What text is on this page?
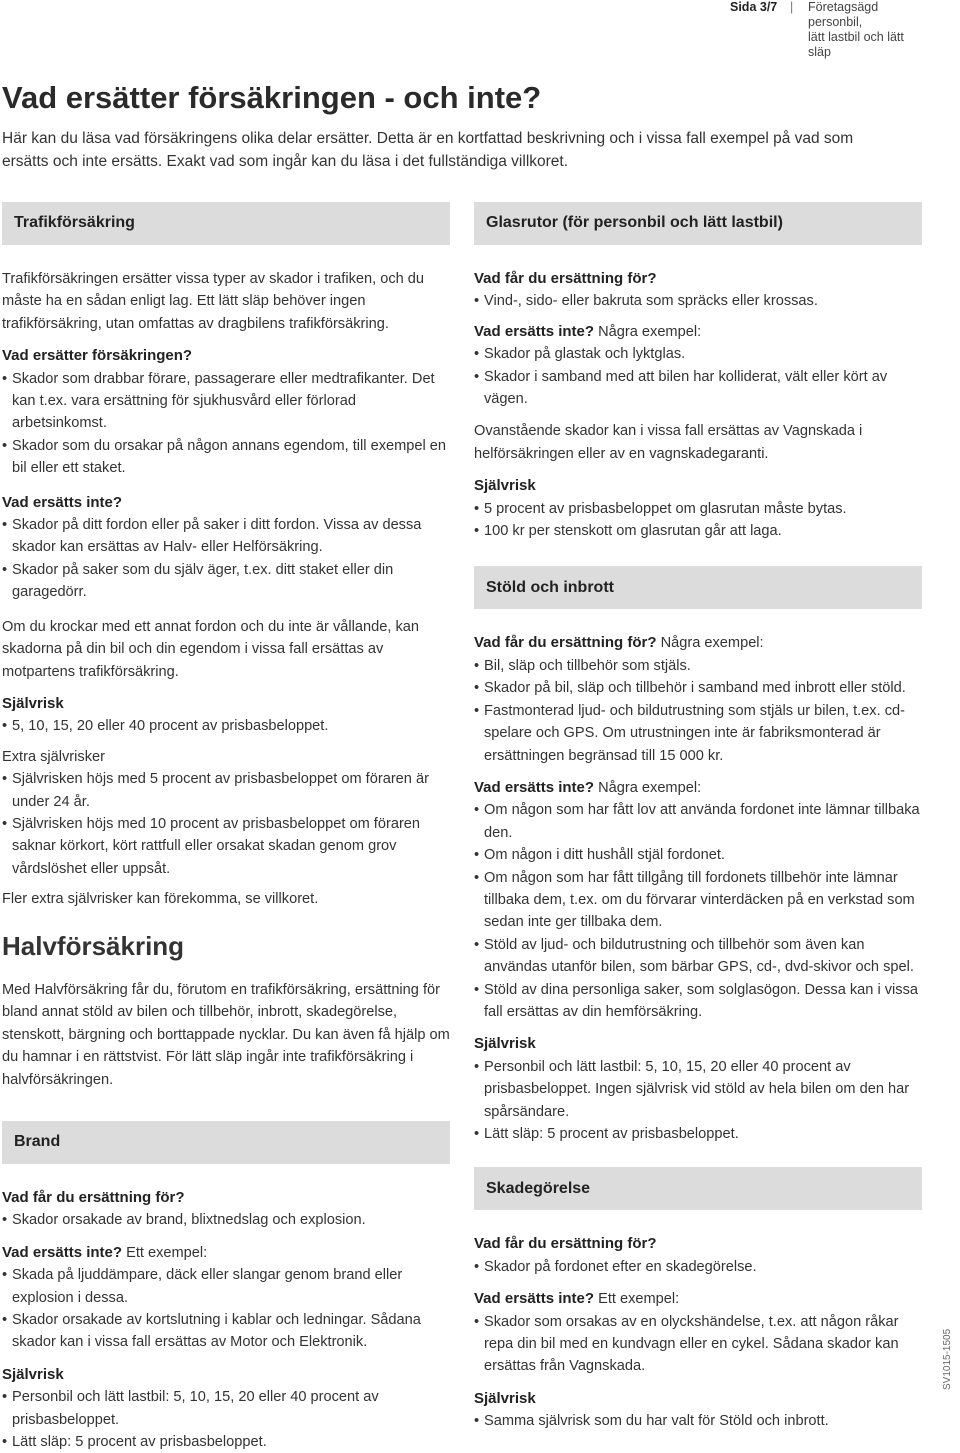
Sida 3/7 | Företagsägd personbil,
lätt lastbil och lätt släp
Vad ersätter försäkringen - och inte?

Här kan du läsa vad försäkringens olika delar ersätter. Detta är en kortfattad beskrivning och i vissa fall exempel på vad som ersätts och inte ersätts. Exakt vad som ingår kan du läsa i det fullständiga villkoret.

Trafikförsäkring

Trafikförsäkringen ersätter vissa typer av skador i trafiken, och du måste ha en sådan enligt lag. Ett lätt släp behöver ingen trafikförsäkring, utan omfattas av dragbilens trafikförsäkring.

Vad ersätter försäkringen?

• Skador som drabbar förare, passagerare eller medtrafikanter. Det kan t.ex. vara ersättning för sjukhusvård eller förlorad arbetsinkomst.
• Skador som du orsakar på någon annans egendom, till exempel en bil eller ett staket.

Vad ersätts inte?

• Skador på ditt fordon eller på saker i ditt fordon. Vissa av dessa skador kan ersättas av Halv- eller Helförsäkring.
• Skador på saker som du själv äger, t.ex. ditt staket eller din garagedörr.

Om du krockar med ett annat fordon och du inte är vållande, kan skadorna på din bil och din egendom i vissa fall ersättas av motpartens trafikförsäkring.

Självrisk

• 5, 10, 15, 20 eller 40 procent av prisbasbeloppet.

Extra självrisker

• Självrisken höjs med 5 procent av prisbasbeloppet om föraren är under 24 år.
• Självrisken höjs med 10 procent av prisbasbeloppet om föraren saknar körkort, kört rattfull eller orsakat skadan genom grov vårdslöshet eller uppsåt.

Fler extra självrisker kan förekomma, se villkoret.

Halvförsäkring

Med Halvförsäkring får du, förutom en trafikförsäkring, ersättning för bland annat stöld av bilen och tillbehör, inbrott, skadegörelse, stenskott, bärgning och borttappade nycklar. Du kan även få hjälp om du hamnar i en rättstvist. För lätt släp ingår inte trafikförsäkring i halvförsäkringen.

Brand

Vad får du ersättning för?

• Skador orsakade av brand, blixtnedslag och explosion.

Vad ersätts inte? Ett exempel:

• Skada på ljuddämpare, däck eller slangar genom brand eller explosion i dessa.
• Skador orsakade av kortslutning i kablar och ledningar. Sådana skador kan i vissa fall ersättas av Motor och Elektronik.

Självrisk

• Personbil och lätt lastbil: 5, 10, 15, 20 eller 40 procent av prisbasbeloppet.
• Lätt släp: 5 procent av prisbasbeloppet.
Glasrutor (för personbil och lätt lastbil)

Vad får du ersättning för?

• Vind-, sido- eller bakruta som spräcks eller krossas.

Vad ersätts inte? Några exempel:

• Skador på glastak och lyktglas.
• Skador i samband med att bilen har kolliderat, vält eller kört av vägen.

Ovanstående skador kan i vissa fall ersättas av Vagnskada i helförsäkringen eller av en vagnskadegaranti.

Självrisk

• 5 procent av prisbasbeloppet om glasrutan måste bytas.
• 100 kr per stenskott om glasrutan går att laga.
Stöld och inbrott

Vad får du ersättning för? Några exempel:

• Bil, släp och tillbehör som stjäls.
• Skador på bil, släp och tillbehör i samband med inbrott eller stöld.
• Fastmonterad ljud- och bildutrustning som stjäls ur bilen, t.ex. cd-spelare och GPS. Om utrustningen inte är fabriksmonterad är ersättningen begränsad till 15 000 kr.

Vad ersätts inte? Några exempel:

• Om någon som har fått lov att använda fordonet inte lämnar tillbaka den.
• Om någon i ditt hushåll stjäl fordonet.
• Om någon som har fått tillgång till fordonets tillbehör inte lämnar tillbaka dem, t.ex. om du förvarar vinterdäcken på en verkstad som sedan inte ger tillbaka dem.
• Stöld av ljud- och bildutrustning och tillbehör som även kan användas utanför bilen, som bärbar GPS, cd-, dvd-skivor och spel.
• Stöld av dina personliga saker, som solglasögon. Dessa kan i vissa fall ersättas av din hemförsäkring.

Självrisk

• Personbil och lätt lastbil: 5, 10, 15, 20 eller 40 procent av prisbasbeloppet. Ingen självrisk vid stöld av hela bilen om den har spårsändare.
• Lätt släp: 5 procent av prisbasbeloppet.
Skadegörelse

Vad får du ersättning för?

• Skador på fordonet efter en skadegörelse.

Vad ersätts inte? Ett exempel:

• Skador som orsakas av en olyckshändelse, t.ex. att någon råkar repa din bil med en kundvagn eller en cykel. Sådana skador kan ersättas från Vagnskada.

Självrisk

• Samma självrisk som du har valt för Stöld och inbrott.
SV1015-1505
